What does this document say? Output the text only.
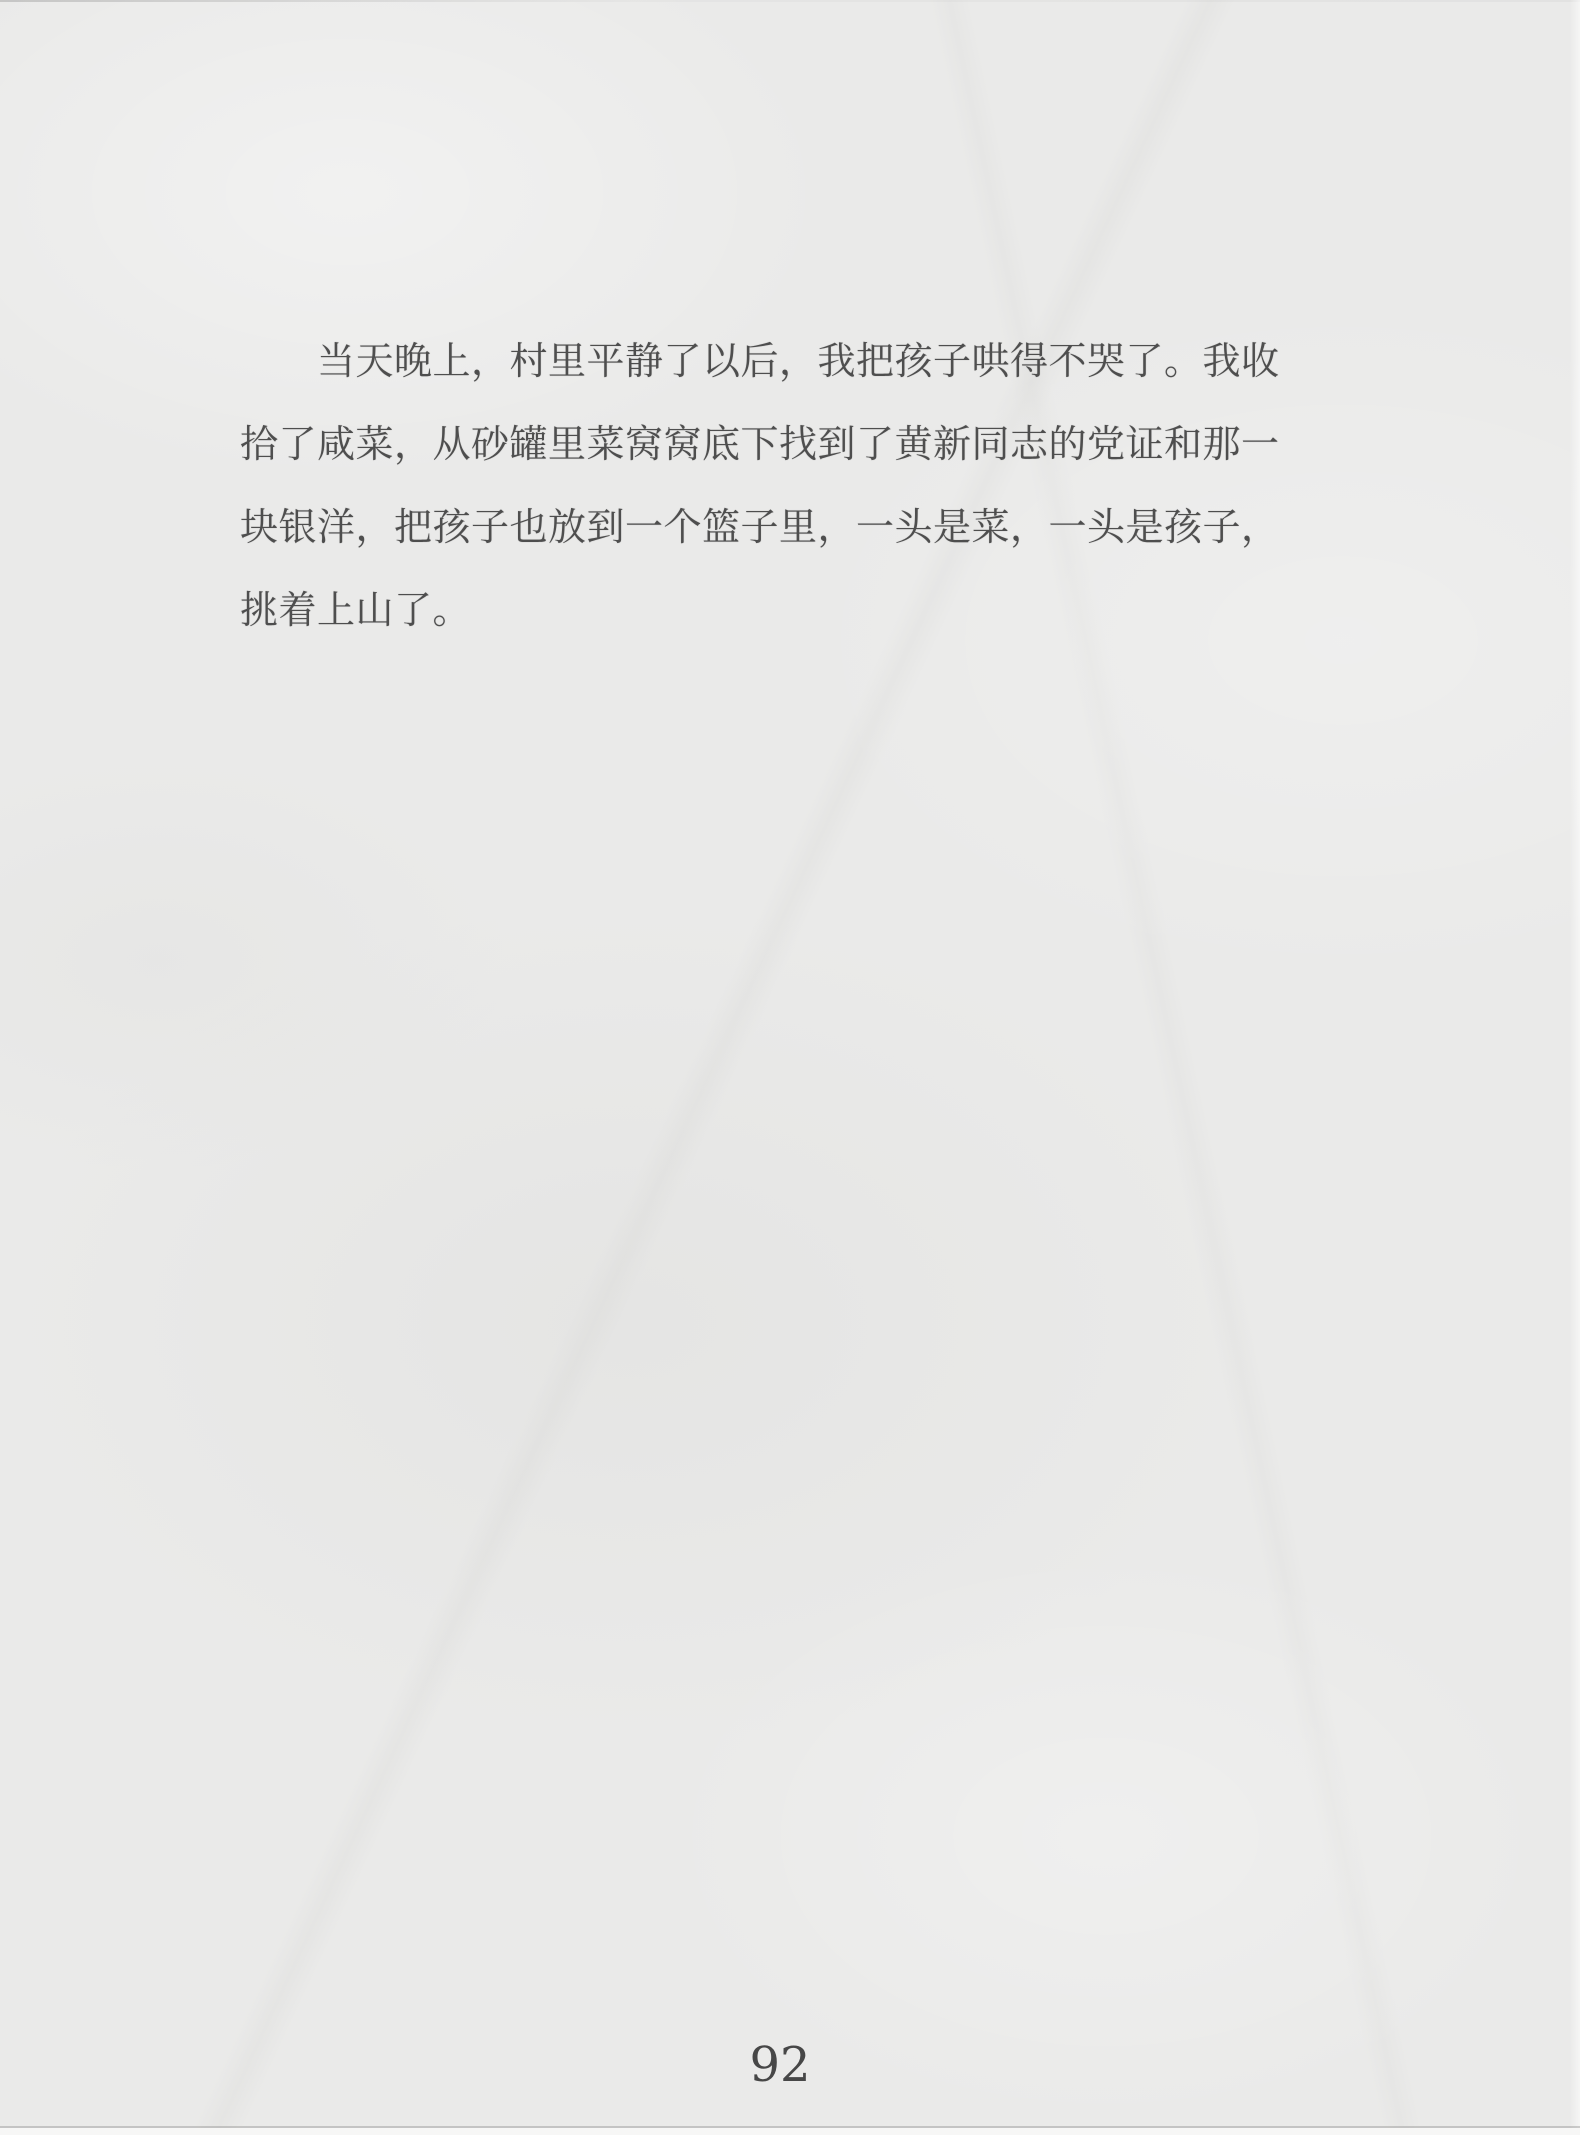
当天晚上，村里平静了以后，我把孩子哄得不哭了。我收
拾了咸菜，从砂罐里菜窝窝底下找到了黄新同志的党证和那一
块银洋，把孩子也放到一个篮子里，一头是菜，一头是孩子，
挑着上山了。
92
